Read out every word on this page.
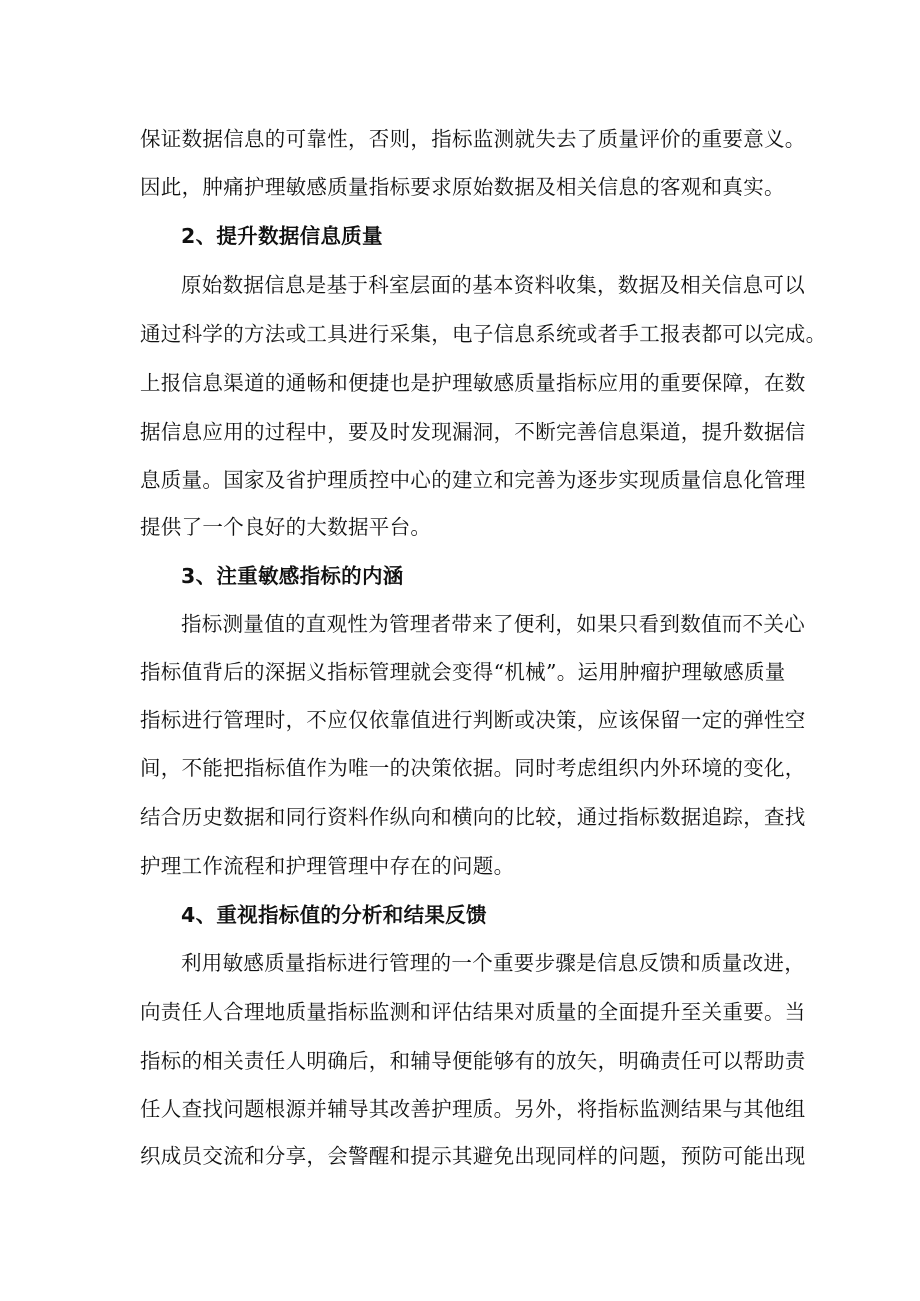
保证数据信息的可靠性，否则，指标监测就失去了质量评价的重要意义。
因此，肿痛护理敏感质量指标要求原始数据及相关信息的客观和真实。
2、提升数据信息质量
原始数据信息是基于科室层面的基本资料收集，数据及相关信息可以
通过科学的方法或工具进行采集，电子信息系统或者手工报表都可以完成。
上报信息渠道的通畅和便捷也是护理敏感质量指标应用的重要保障，在数
据信息应用的过程中，要及时发现漏洞，不断完善信息渠道，提升数据信
息质量。国家及省护理质控中心的建立和完善为逐步实现质量信息化管理
提供了一个良好的大数据平台。
3、注重敏感指标的内涵
指标测量值的直观性为管理者带来了便利，如果只看到数值而不关心
指标值背后的深据义指标管理就会变得“机械”。运用肿瘤护理敏感质量
指标进行管理时，不应仅依靠值进行判断或决策，应该保留一定的弹性空
间，不能把指标值作为唯一的决策依据。同时考虑组织内外环境的变化，
结合历史数据和同行资料作纵向和横向的比较，通过指标数据追踪，查找
护理工作流程和护理管理中存在的问题。
4、重视指标值的分析和结果反馈
利用敏感质量指标进行管理的一个重要步骤是信息反馈和质量改进，
向责任人合理地质量指标监测和评估结果对质量的全面提升至关重要。当
指标的相关责任人明确后，和辅导便能够有的放矢，明确责任可以帮助责
任人查找问题根源并辅导其改善护理质。另外，将指标监测结果与其他组
织成员交流和分享，会警醒和提示其避免出现同样的问题，预防可能出现
